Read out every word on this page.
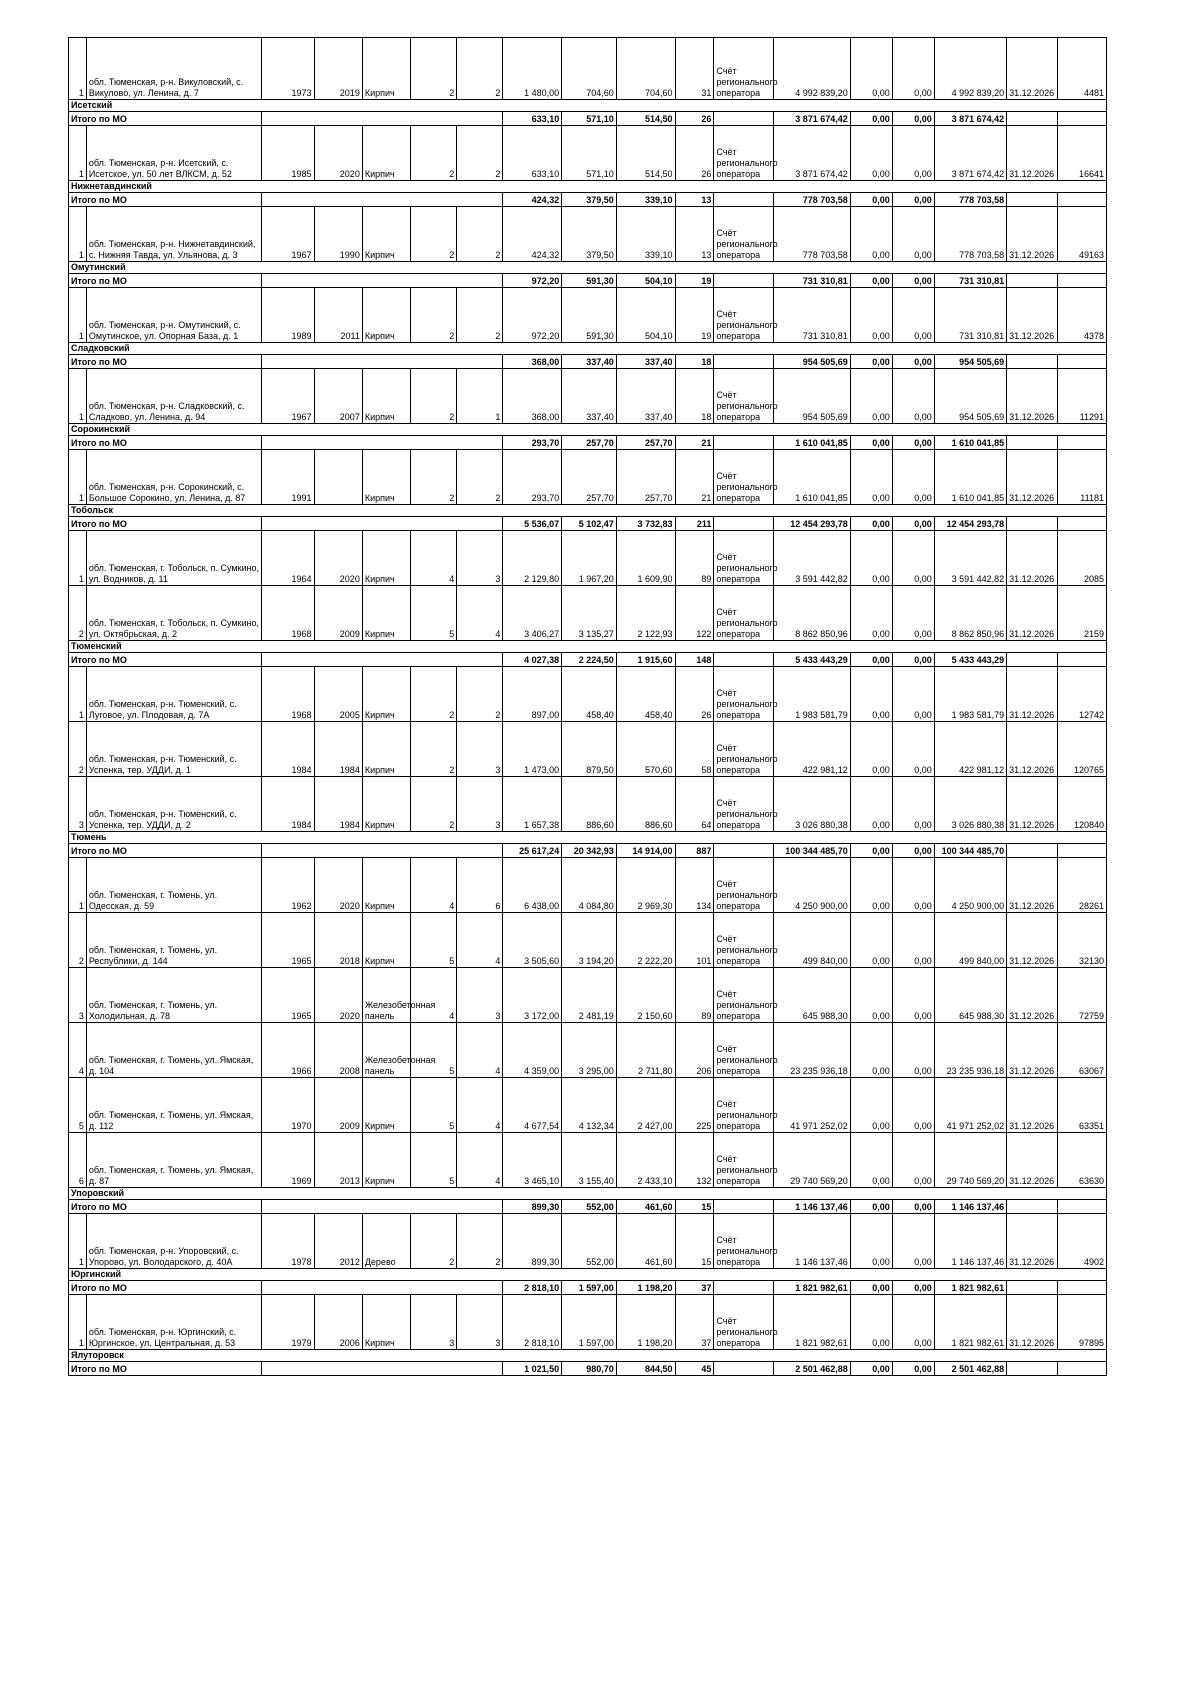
1	обл. Тюменская, р-н. Викуловский, с. Викулово, ул. Ленина, д. 7	1973	2019	Кирпич	2	2	1 480,00	704,60	704,60	31	Счёт регионального оператора	4 992 839,20	0,00	0,00	4 992 839,20	31.12.2026	4481
Исетский																	
Итого по МО							633,10	571,10	514,50	26		3 871 674,42	0,00	0,00	3 871 674,42		
1	обл. Тюменская, р-н. Исетский, с. Исетское, ул. 50 лет ВЛКСМ, д. 52	1985	2020	Кирпич	2	2	633,10	571,10	514,50	26	Счёт регионального оператора	3 871 674,42	0,00	0,00	3 871 674,42	31.12.2026	16641
Нижнетавдинский																	
Итого по МО							424,32	379,50	339,10	13		778 703,58	0,00	0,00	778 703,58		
1	обл. Тюменская, р-н. Нижнетавдинский, с. Нижняя Тавда, ул. Ульянова, д. 3	1967	1990	Кирпич	2	2	424,32	379,50	339,10	13	Счёт регионального оператора	778 703,58	0,00	0,00	778 703,58	31.12.2026	49163
Омутинский																	
Итого по МО							972,20	591,30	504,10	19		731 310,81	0,00	0,00	731 310,81		
1	обл. Тюменская, р-н. Омутинский, с. Омутинское, ул. Опорная База, д. 1	1989	2011	Кирпич	2	2	972,20	591,30	504,10	19	Счёт регионального оператора	731 310,81	0,00	0,00	731 310,81	31.12.2026	4378
Сладковский																	
Итого по МО							368,00	337,40	337,40	18		954 505,69	0,00	0,00	954 505,69		
1	обл. Тюменская, р-н. Сладковский, с. Сладково, ул. Ленина, д. 94	1967	2007	Кирпич	2	1	368,00	337,40	337,40	18	Счёт регионального оператора	954 505,69	0,00	0,00	954 505,69	31.12.2026	11291
Сорокинский																	
Итого по МО							293,70	257,70	257,70	21		1 610 041,85	0,00	0,00	1 610 041,85		
1	обл. Тюменская, р-н. Сорокинский, с. Большое Сорокино, ул. Ленина, д. 87	1991		Кирпич	2	2	293,70	257,70	257,70	21	Счёт регионального оператора	1 610 041,85	0,00	0,00	1 610 041,85	31.12.2026	11181
Тобольск																	
Итого по МО							5 536,07	5 102,47	3 732,83	211		12 454 293,78	0,00	0,00	12 454 293,78		
1	обл. Тюменская, г. Тобольск, п. Сумкино, ул. Водников, д. 11	1964	2020	Кирпич	4	3	2 129,80	1 967,20	1 609,90	89	Счёт регионального оператора	3 591 442,82	0,00	0,00	3 591 442,82	31.12.2026	2085
2	обл. Тюменская, г. Тобольск, п. Сумкино, ул. Октябрьская, д. 2	1968	2009	Кирпич	5	4	3 406,27	3 135,27	2 122,93	122	Счёт регионального оператора	8 862 850,96	0,00	0,00	8 862 850,96	31.12.2026	2159
Тюменский																	
Итого по МО							4 027,38	2 224,50	1 915,60	148		5 433 443,29	0,00	0,00	5 433 443,29		
1	обл. Тюменская, р-н. Тюменский, с. Луговое, ул. Плодовая, д. 7А	1968	2005	Кирпич	2	2	897,00	458,40	458,40	26	Счёт регионального оператора	1 983 581,79	0,00	0,00	1 983 581,79	31.12.2026	12742
2	обл. Тюменская, р-н. Тюменский, с. Успенка, тер. УДДИ, д. 1	1984	1984	Кирпич	2	3	1 473,00	879,50	570,60	58	Счёт регионального оператора	422 981,12	0,00	0,00	422 981,12	31.12.2026	120765
3	обл. Тюменская, р-н. Тюменский, с. Успенка, тер. УДДИ, д. 2	1984	1984	Кирпич	2	3	1 657,38	886,60	886,60	64	Счёт регионального оператора	3 026 880,38	0,00	0,00	3 026 880,38	31.12.2026	120840
Тюмень																	
Итого по МО							25 617,24	20 342,93	14 914,00	887		100 344 485,70	0,00	0,00	100 344 485,70		
1	обл. Тюменская, г. Тюмень, ул. Одесская, д. 59	1962	2020	Кирпич	4	6	6 438,00	4 084,80	2 969,30	134	Счёт регионального оператора	4 250 900,00	0,00	0,00	4 250 900,00	31.12.2026	28261
2	обл. Тюменская, г. Тюмень, ул. Республики, д. 144	1965	2018	Кирпич	5	4	3 505,60	3 194,20	2 222,20	101	Счёт регионального оператора	499 840,00	0,00	0,00	499 840,00	31.12.2026	32130
3	обл. Тюменская, г. Тюмень, ул. Холодильная, д. 78	1965	2020	Железобетонная панель	4	3	3 172,00	2 481,19	2 150,60	89	Счёт регионального оператора	645 988,30	0,00	0,00	645 988,30	31.12.2026	72759
4	обл. Тюменская, г. Тюмень, ул. Ямская, д. 104	1966	2008	Железобетонная панель	5	4	4 359,00	3 295,00	2 711,80	206	Счёт регионального оператора	23 235 936,18	0,00	0,00	23 235 936,18	31.12.2026	63067
5	обл. Тюменская, г. Тюмень, ул. Ямская, д. 112	1970	2009	Кирпич	5	4	4 677,54	4 132,34	2 427,00	225	Счёт регионального оператора	41 971 252,02	0,00	0,00	41 971 252,02	31.12.2026	63351
6	обл. Тюменская, г. Тюмень, ул. Ямская, д. 87	1969	2013	Кирпич	5	4	3 465,10	3 155,40	2 433,10	132	Счёт регионального оператора	29 740 569,20	0,00	0,00	29 740 569,20	31.12.2026	63630
Упоровский																	
Итого по МО							899,30	552,00	461,60	15		1 146 137,46	0,00	0,00	1 146 137,46		
1	обл. Тюменская, р-н. Упоровский, с. Упорово, ул. Володарского, д. 40А	1978	2012	Дерево	2	2	899,30	552,00	461,60	15	Счёт регионального оператора	1 146 137,46	0,00	0,00	1 146 137,46	31.12.2026	4902
Юргинский																	
Итого по МО							2 818,10	1 597,00	1 198,20	37		1 821 982,61	0,00	0,00	1 821 982,61		
1	обл. Тюменская, р-н. Юргинский, с. Юргинское, ул. Центральная, д. 53	1979	2006	Кирпич	3	3	2 818,10	1 597,00	1 198,20	37	Счёт регионального оператора	1 821 982,61	0,00	0,00	1 821 982,61	31.12.2026	97895
Ялуторовск																	
Итого по МО							1 021,50	980,70	844,50	45		2 501 462,88	0,00	0,00	2 501 462,88		
